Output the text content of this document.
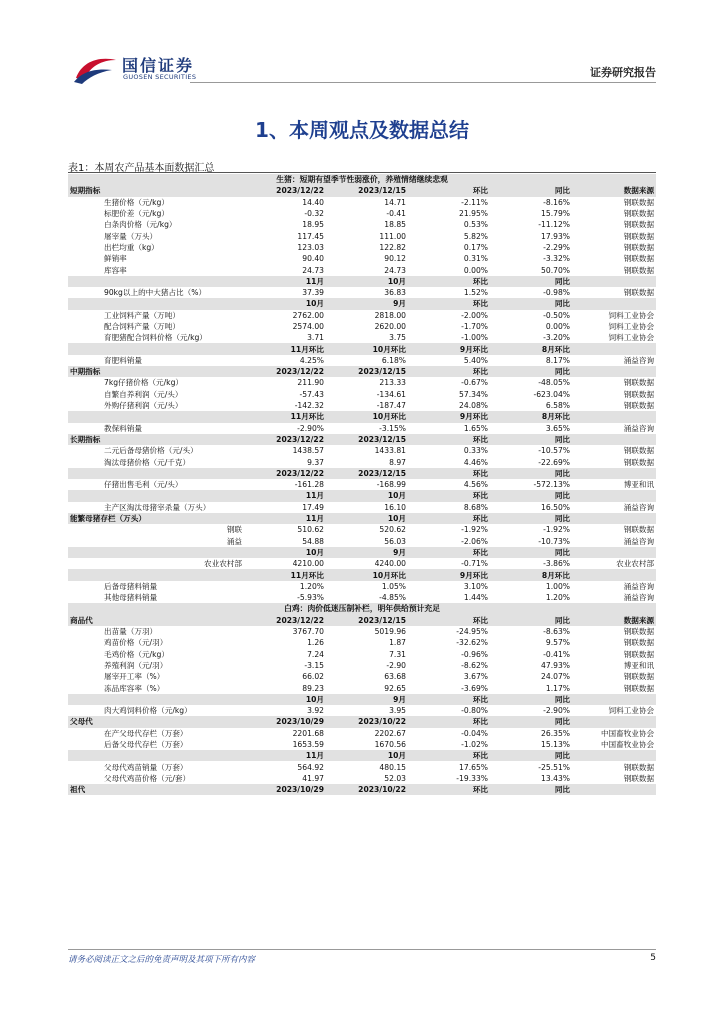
国信证券
GUOSEN SECURITIES	证券研究报告
1、本周观点及数据总结
表1：本周农产品基本面数据汇总
生猪：短期有望季节性弱涨价，养殖情绪继续悲观						
短期指标		2023/12/22	2023/12/15	环比	同比	数据来源
	生猪价格（元/kg）	14.40	14.71	-2.11%	-8.16%	钢联数据
	标肥价差（元/kg）	-0.32	-0.41	21.95%	15.79%	钢联数据
	白条肉价格（元/kg）	18.95	18.85	0.53%	-11.12%	钢联数据
	屠宰量（万头）	117.45	111.00	5.82%	17.93%	钢联数据
	出栏均重（kg）	123.03	122.82	0.17%	-2.29%	钢联数据
	鲜销率	90.40	90.12	0.31%	-3.32%	钢联数据
	库容率	24.73	24.73	0.00%	50.70%	钢联数据
		11月	10月	环比	同比	
	90kg以上的中大猪占比（%）	37.39	36.83	1.52%	-0.98%	钢联数据
		10月	9月	环比	同比	
	工业饲料产量（万吨）	2762.00	2818.00	-2.00%	-0.50%	饲料工业协会
	配合饲料产量（万吨）	2574.00	2620.00	-1.70%	0.00%	饲料工业协会
	育肥猪配合饲料价格（元/kg）	3.71	3.75	-1.00%	-3.20%	饲料工业协会
		11月环比	10月环比	9月环比	8月环比	
	育肥料销量	4.25%	6.18%	5.40%	8.17%	涌益咨询
中期指标		2023/12/22	2023/12/15	环比	同比	
	7kg仔猪价格（元/kg）	211.90	213.33	-0.67%	-48.05%	钢联数据
	自繁自养利润（元/头）	-57.43	-134.61	57.34%	-623.04%	钢联数据
	外购仔猪利润（元/头）	-142.32	-187.47	24.08%	6.58%	钢联数据
		11月环比	10月环比	9月环比	8月环比	
	教保料销量	-2.90%	-3.15%	1.65%	3.65%	涌益咨询
长期指标		2023/12/22	2023/12/15	环比	同比	
	二元后备母猪价格（元/头）	1438.57	1433.81	0.33%	-10.57%	钢联数据
	淘汰母猪价格（元/千克）	9.37	8.97	4.46%	-22.69%	钢联数据
		2023/12/22	2023/12/15	环比	同比	
	仔猪出售毛利（元/头）	-161.28	-168.99	4.56%	-572.13%	博亚和讯
		11月	10月	环比	同比	
	主产区淘汰母猪宰杀量（万头）	17.49	16.10	8.68%	16.50%	涌益咨询
能繁母猪存栏（万头）		11月	10月	环比	同比	
	钢联	510.62	520.62	-1.92%	-1.92%	钢联数据
	涌益	54.88	56.03	-2.06%	-10.73%	涌益咨询
		10月	9月	环比	同比	
	农业农村部	4210.00	4240.00	-0.71%	-3.86%	农业农村部
		11月环比	10月环比	9月环比	8月环比	
	后备母猪料销量	1.20%	1.05%	3.10%	1.00%	涌益咨询
	其他母猪料销量	-5.93%	-4.85%	1.44%	1.20%	涌益咨询
白鸡：肉价低迷压制补栏，明年供给预计充足						
商品代		2023/12/22	2023/12/15	环比	同比	数据来源
	出苗量（万羽）	3767.70	5019.96	-24.95%	-8.63%	钢联数据
	鸡苗价格（元/羽）	1.26	1.87	-32.62%	9.57%	钢联数据
	毛鸡价格（元/kg）	7.24	7.31	-0.96%	-0.41%	钢联数据
	养殖利润（元/羽）	-3.15	-2.90	-8.62%	47.93%	博亚和讯
	屠宰开工率（%）	66.02	63.68	3.67%	24.07%	钢联数据
	冻品库容率（%）	89.23	92.65	-3.69%	1.17%	钢联数据
		10月	9月	环比	同比	
	肉大鸡饲料价格（元/kg）	3.92	3.95	-0.80%	-2.90%	饲料工业协会
父母代		2023/10/29	2023/10/22	环比	同比	
	在产父母代存栏（万套）	2201.68	2202.67	-0.04%	26.35%	中国畜牧业协会
	后备父母代存栏（万套）	1653.59	1670.56	-1.02%	15.13%	中国畜牧业协会
		11月	10月	环比	同比	
	父母代鸡苗销量（万套）	564.92	480.15	17.65%	-25.51%	钢联数据
	父母代鸡苗价格（元/套）	41.97	52.03	-19.33%	13.43%	钢联数据
祖代		2023/10/29	2023/10/22	环比	同比	
请务必阅读正文之后的免责声明及其项下所有内容	5
